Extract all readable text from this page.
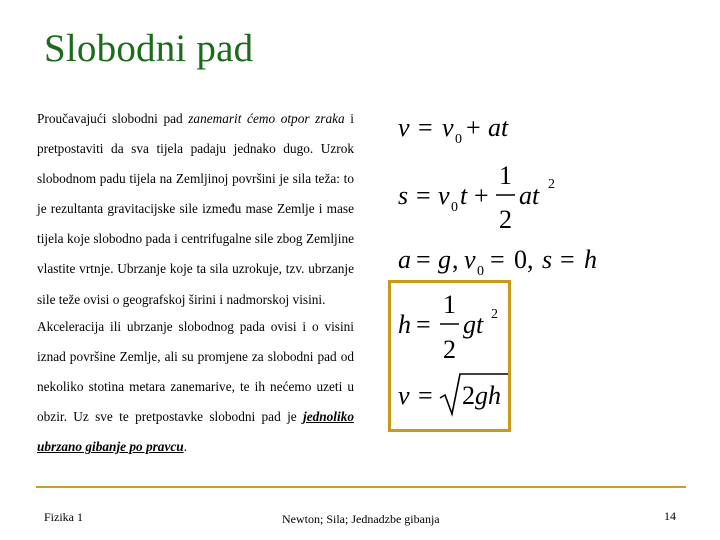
Slobodni pad
Proučavajući slobodni pad zanemarit ćemo otpor zraka i pretpostaviti da sva tijela padaju jednako dugo. Uzrok slobodnom padu tijela na Zemljinoj površini je sila teža: to je rezultanta gravitacijske sile između mase Zemlje i mase tijela koje slobodno pada i centrifugalne sile zbog Zemljine vlastite vrtnje. Ubrzanje koje ta sila uzrokuje, tzv. ubrzanje sile teže ovisi o geografskoj širini i nadmorskoj visini.
Akceleracija ili ubrzanje slobodnog pada ovisi i o visini iznad površine Zemlje, ali su promjene za slobodni pad od nekoliko stotina metara zanemarive, te ih nećemo uzeti u obzir. Uz sve te pretpostavke slobodni pad je jednoliko ubrzano gibanje po pravcu.
v = v 0 + at
s = v 0 t +
1
2
at 2
a = g , v 0 = 0, s = h
h =
1
2
gt 2
v = 2 gh
Fizika 1	Newton; Sila; Jednadzbe gibanja	14
